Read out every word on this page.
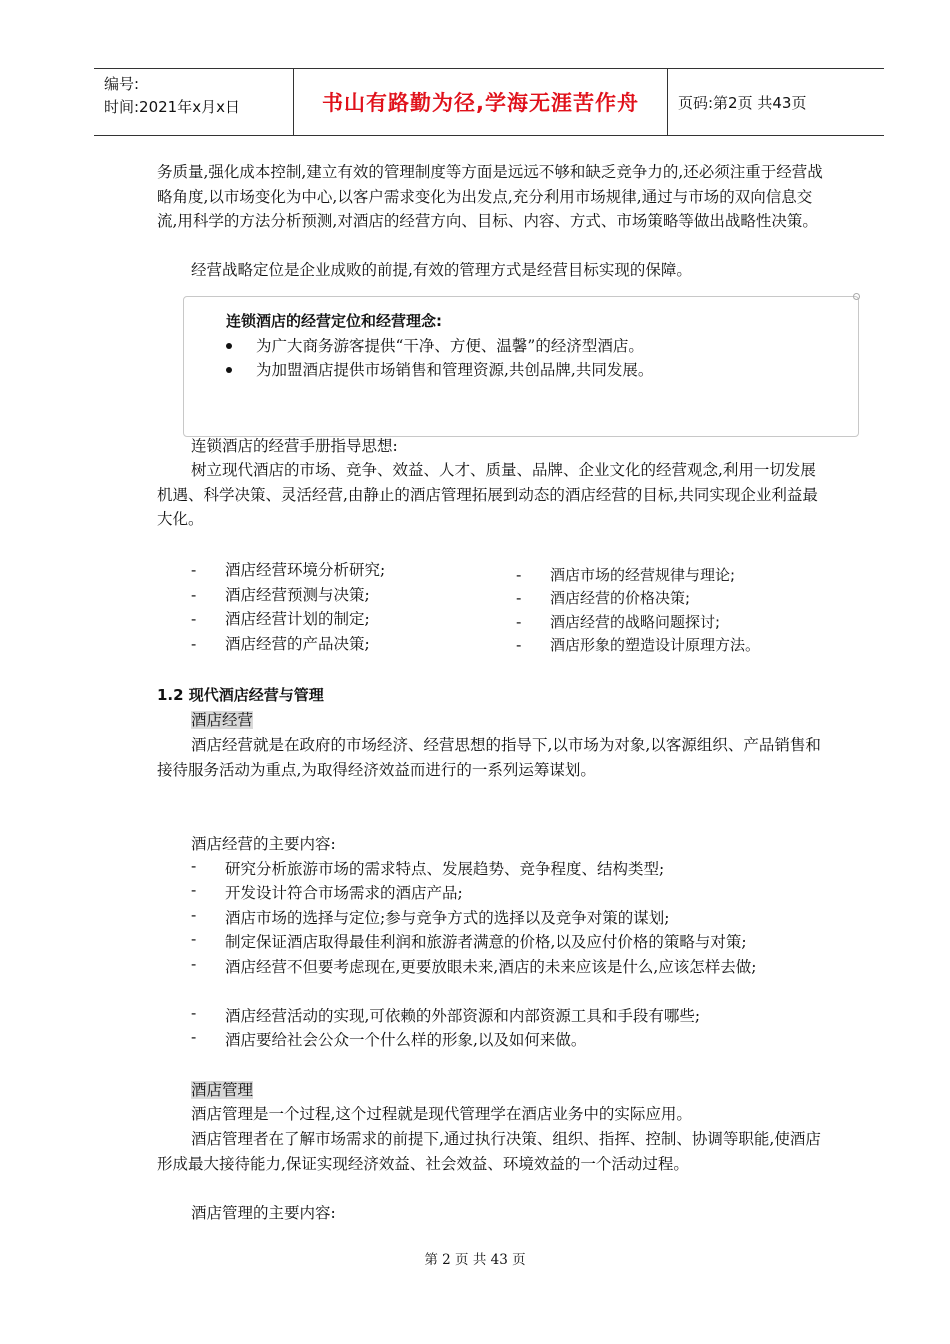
编号:
时间:2021年x月x日	书山有路勤为径,学海无涯苦作舟	页码:第2页 共43页
务质量,强化成本控制,建立有效的管理制度等方面是远远不够和缺乏竞争力的,还必须注重于经营战略角度,以市场变化为中心,以客户需求变化为出发点,充分利用市场规律,通过与市场的双向信息交流,用科学的方法分析预测,对酒店的经营方向、目标、内容、方式、市场策略等做出战略性决策。
经营战略定位是企业成败的前提,有效的管理方式是经营目标实现的保障。
连锁酒店的经营定位和经营理念:
为广大商务游客提供“干净、方便、温馨”的经济型酒店。
为加盟酒店提供市场销售和管理资源,共创品牌,共同发展。
连锁酒店的经营手册指导思想:
树立现代酒店的市场、竞争、效益、人才、质量、品牌、企业文化的经营观念,利用一切发展机遇、科学决策、灵活经营,由静止的酒店管理拓展到动态的酒店经营的目标,共同实现企业利益最大化。
- 酒店经营环境分析研究;
- 酒店经营预测与决策;
- 酒店经营计划的制定;
- 酒店经营的产品决策;
- 酒店市场的经营规律与理论;
- 酒店经营的价格决策;
- 酒店经营的战略问题探讨;
- 酒店形象的塑造设计原理方法。
1.2 现代酒店经营与管理
酒店经营
酒店经营就是在政府的市场经济、经营思想的指导下,以市场为对象,以客源组织、产品销售和接待服务活动为重点,为取得经济效益而进行的一系列运筹谋划。
酒店经营的主要内容:
- 研究分析旅游市场的需求特点、发展趋势、竞争程度、结构类型;
- 开发设计符合市场需求的酒店产品;
- 酒店市场的选择与定位;参与竞争方式的选择以及竞争对策的谋划;
- 制定保证酒店取得最佳利润和旅游者满意的价格,以及应付价格的策略与对策;
- 酒店经营不但要考虑现在,更要放眼未来,酒店的未来应该是什么,应该怎样去做;
- 酒店经营活动的实现,可依赖的外部资源和内部资源工具和手段有哪些;
- 酒店要给社会公众一个什么样的形象,以及如何来做。
酒店管理
酒店管理是一个过程,这个过程就是现代管理学在酒店业务中的实际应用。
酒店管理者在了解市场需求的前提下,通过执行决策、组织、指挥、控制、协调等职能,使酒店形成最大接待能力,保证实现经济效益、社会效益、环境效益的一个活动过程。
酒店管理的主要内容:
第 2 页 共 43 页
